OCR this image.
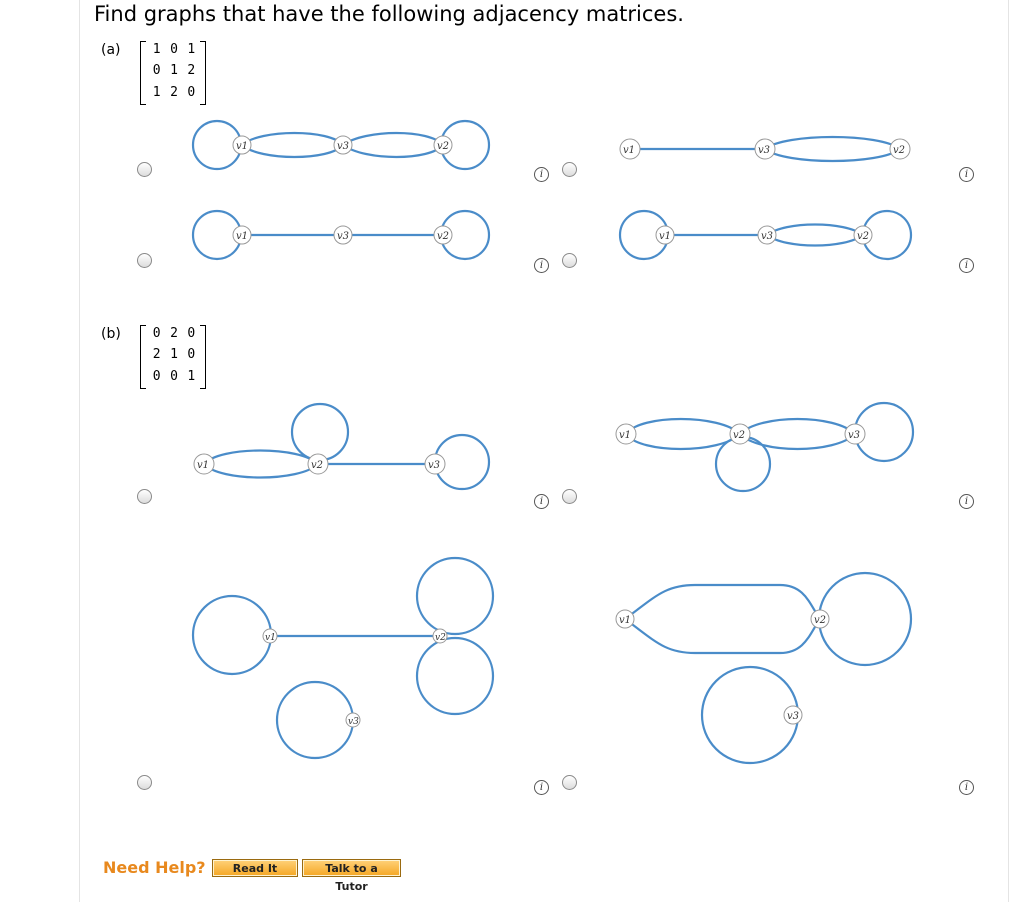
Find graphs that have the following adjacency matrices.
(a) 1 0 1
0 1 2
1 2 0
v1	v3	v2
i
v1	v3	v2
i
v1	v3	v2
i
v1	v3	v2
i
(b) 0 2 0
2 1 0
0 0 1
v1	v2	v3
i
v1	v2	v3
i
v1	v2
v3
i
v1	v2
v3
i
Need Help?	Read It	Talk to a Tutor
